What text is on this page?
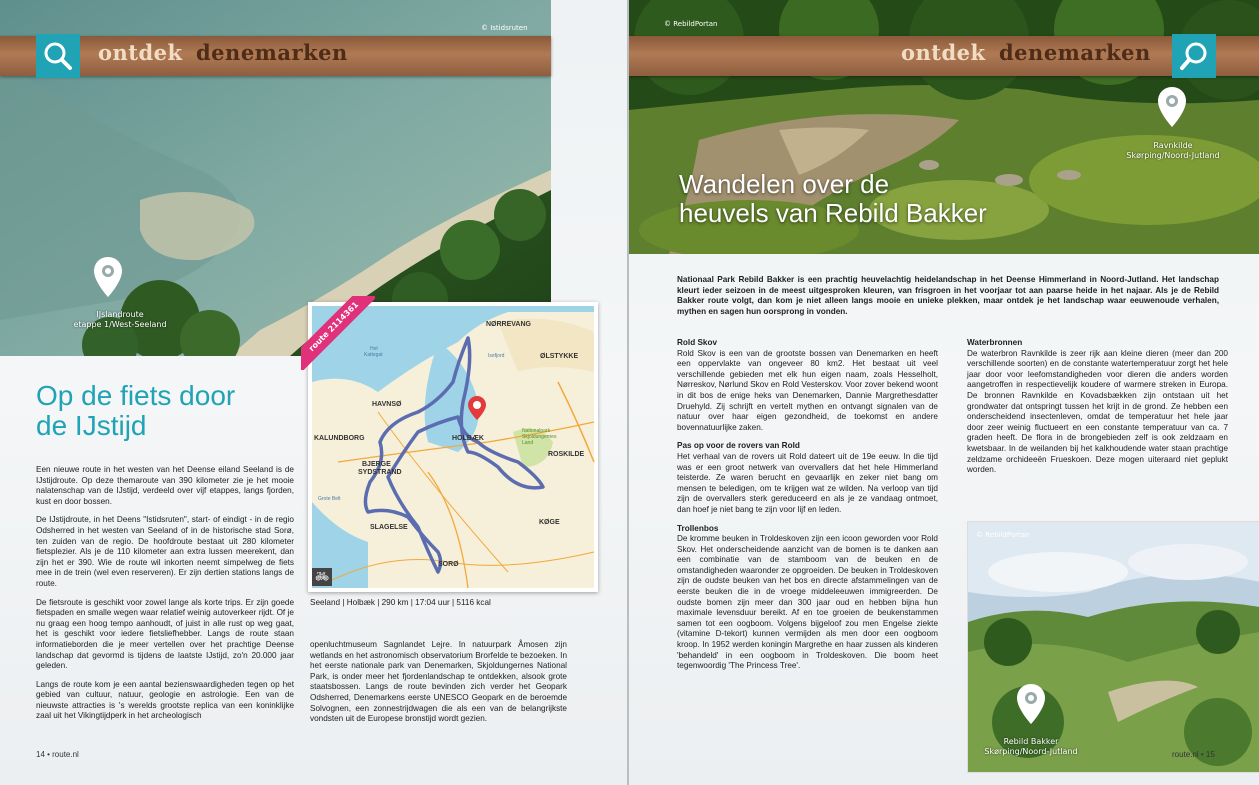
© Istidsruten
ontdek denemarken
IJslandroute
etappe 1/West-Seeland
Op de fiets door
de IJstijd

Een nieuwe route in het westen van het Deense eiland Seeland is de IJstijdroute. Op deze themaroute van 390 kilometer zie je het mooie nalatenschap van de IJstijd, verdeeld over vijf etappes, langs fjorden, kust en door bossen.

De IJstijdroute, in het Deens "Istidsruten", start- of eindigt - in de regio Odsherred in het westen van Seeland of in de historische stad Sorø, ten zuiden van de regio. De hoofdroute bestaat uit 280 kilometer fietsplezier. Als je de 110 kilometer aan extra lussen meerekent, dan zijn het er 390. Wie de route wil inkorten neemt simpelweg de fiets mee in de trein (wel even reserveren). Er zijn dertien stations langs de route.

De fietsroute is geschikt voor zowel lange als korte trips. Er zijn goede fietspaden en smalle wegen waar relatief weinig autoverkeer rijdt. Of je nu graag een hoog tempo aanhoudt, of juist in alle rust op weg gaat, het is geschikt voor iedere fietsliefhebber. Langs de route staan informatieborden die je meer vertellen over het prachtige Deense landschap dat gevormd is tijdens de laatste IJstijd, zo'n 20.000 jaar geleden.

Langs de route kom je een aantal bezienswaardigheden tegen op het gebied van cultuur, natuur, geologie en astrologie. Een van de nieuwste attracties is 's werelds grootste replica van een koninklijke zaal uit het Vikingtijdperk in het archeologisch

openluchtmuseum Sagnlandet Lejre. In natuurpark Åmosen zijn wetlands en het astronomisch observatorium Brorfelde te bezoeken. In het eerste nationale park van Denemarken, Skjoldungernes National Park, is onder meer het fjordenlandschap te ontdekken, alsook grote staatsbossen. Langs de route bevinden zich verder het Geopark Odsherred, Denemarkens eerste UNESCO Geopark en de beroemde Solvognen, een zonnestrijdwagen die als een van de belangrijkste vondsten uit de Europese bronstijd wordt gezien.

NØRREVANG
ØLSTYKKE
HAVNSØ
HOLBÆK
KALUNDBORG
ROSKILDE
BJERGE
SYDSTRAND
SLAGELSE
SORØ
KØGE
Het
Kattegat	Isefjord
Grote Belt
Nationalpark
Skjoldungernes
Land
🚲︎
route 2114361
Seeland | Holbæk | 290 km | 17:04 uur | 5116 kcal
14 • route.nl
© RebildPortan
ontdek denemarken
Ravnkilde
Skørping/Noord-Jutland
Wandelen over de
heuvels van Rebild Bakker

Nationaal Park Rebild Bakker is een prachtig heuvelachtig heidelandschap in het Deense Himmerland in Noord-Jutland. Het landschap kleurt ieder seizoen in de meest uitgesproken kleuren, van frisgroen in het voorjaar tot aan paarse heide in het najaar. Als je de Rebild Bakker route volgt, dan kom je niet alleen langs mooie en unieke plekken, maar ontdek je het landschap waar eeuwenoude verhalen, mythen en sagen hun oorsprong in vonden.

Rold Skov
Rold Skov is een van de grootste bossen van Denemarken en heeft een oppervlakte van ongeveer 80 km2. Het bestaat uit veel verschillende gebieden met elk hun eigen naam, zoals Hesselholt, Nørreskov, Nørlund Skov en Rold Vesterskov. Voor zover bekend woont in dit bos de enige heks van Denemarken, Dannie Margrethesdatter Druehyld. Zij schrijft en vertelt mythen en ontvangt signalen van de natuur over haar eigen gezondheid, de toekomst en andere bovennatuurlijke zaken.

Pas op voor de rovers van Rold
Het verhaal van de rovers uit Rold dateert uit de 19e eeuw. In die tijd was er een groot netwerk van overvallers dat het hele Himmerland teisterde. Ze waren berucht en gevaarlijk en zeker niet bang om mensen te beledigen, om te krijgen wat ze wilden. Na verloop van tijd zijn de overvallers sterk gereduceerd en als je ze vandaag ontmoet, dan hoef je niet bang te zijn voor lijf en leden.

Trollenbos
De kromme beuken in Troldeskoven zijn een icoon geworden voor Rold Skov. Het onderscheidende aanzicht van de bomen is te danken aan een combinatie van de stamboom van de beuken en de omstandigheden waaronder ze opgroeiden. De beuken in Troldeskoven zijn de oudste beuken van het bos en directe afstammelingen van de eerste beuken die in de vroege middeleeuwen immigreerden. De oudste bomen zijn meer dan 300 jaar oud en hebben bijna hun maximale levensduur bereikt. Af en toe groeien de beukenstammen samen tot een oogboom. Volgens bijgeloof zou men Engelse ziekte (vitamine D-tekort) kunnen vermijden als men door een oogboom kroop. In 1952 werden koningin Margrethe en haar zussen als kinderen 'behandeld' in een oogboom in Troldeskoven. Die boom heet tegenwoordig 'The Princess Tree'.

Waterbronnen
De waterbron Ravnkilde is zeer rijk aan kleine dieren (meer dan 200 verschillende soorten) en de constante watertemperatuur zorgt het hele jaar door voor leefomstandigheden voor dieren die anders worden aangetroffen in respectievelijk koudere of warmere streken in Europa. De bronnen Ravnkilde en Kovadsbækken zijn ontstaan uit het grondwater dat ontspringt tussen het krijt in de grond. Ze hebben een onderscheidend insectenleven, omdat de temperatuur het hele jaar door zeer weinig fluctueert en een constante temperatuur van ca. 7 graden heeft. De flora in de brongebieden zelf is ook zeldzaam en kwetsbaar. In de weilanden bij het kalkhoudende water staan prachtige zeldzame orchideeën Frueskoen. Deze mogen uiteraard niet geplukt worden.

© RebildPortan
Rebild Bakker
Skørping/Noord-Jutland	route.nl • 15
